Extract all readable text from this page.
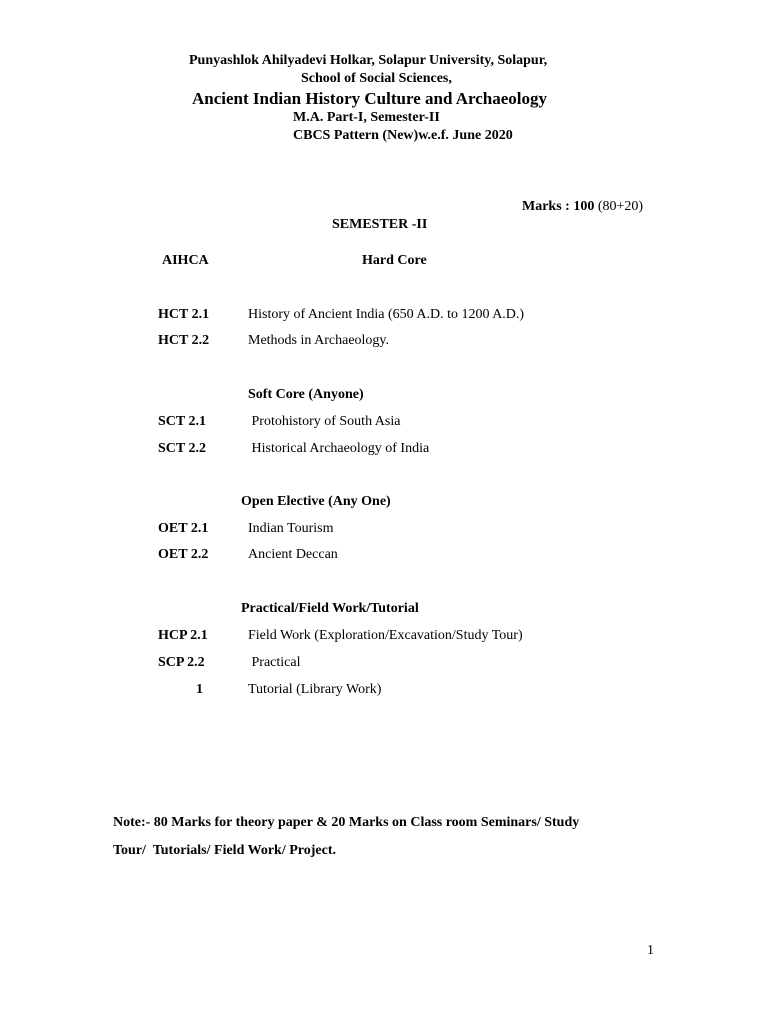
Punyashlok Ahilyadevi Holkar, Solapur University, Solapur,
School of Social Sciences,
Ancient Indian History Culture and Archaeology
M.A. Part-I, Semester-II
CBCS Pattern (New)w.e.f. June 2020
Marks : 100 (80+20)
SEMESTER -II
AIHCA	Hard Core
HCT 2.1	History of Ancient India (650 A.D. to 1200 A.D.)
HCT 2.2	Methods in Archaeology.
Soft Core (Anyone)
SCT 2.1	Protohistory of South Asia
SCT 2.2	Historical Archaeology of India
Open Elective (Any One)
OET 2.1	Indian Tourism
OET 2.2	Ancient Deccan
Practical/Field Work/Tutorial
HCP 2.1	Field Work (Exploration/Excavation/Study Tour)
SCP 2.2	Practical
1	Tutorial (Library Work)
Note:- 80 Marks for theory paper & 20 Marks on Class room Seminars/ Study
Tour/  Tutorials/ Field Work/ Project.
1
